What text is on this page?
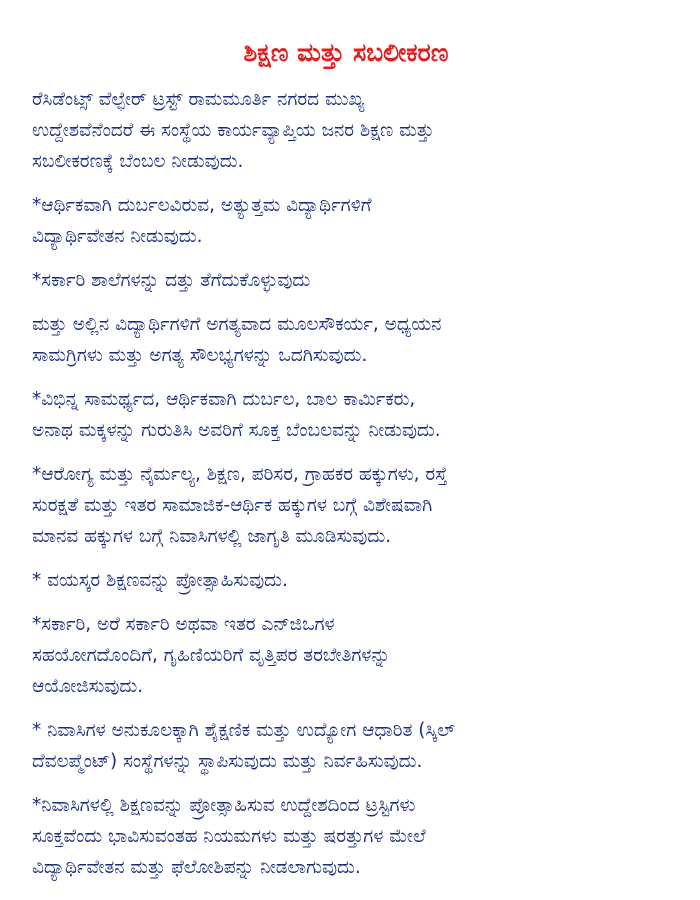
ಶಿಕ್ಷಣ ಮತ್ತು ಸಬಲೀಕರಣ

ರೆಸಿಡೆಂಟ್ಸ್ ವೆಲ್ಫೇರ್ ಟ್ರಸ್ಟ್ ರಾಮಮೂರ್ತಿ ನಗರದ ಮುಖ್ಯ
ಉದ್ದೇಶವೆನೆಂದರೆ ಈ ಸಂಸ್ಥೆಯ ಕಾರ್ಯವ್ಯಾಪ್ತಿಯ ಜನರ ಶಿಕ್ಷಣ ಮತ್ತು
ಸಬಲೀಕರಣಕ್ಕೆ ಬೆಂಬಲ ನೀಡುವುದು.

*ಆರ್ಥಿಕವಾಗಿ ದುರ್ಬಲವಿರುವ, ಅತ್ಯುತ್ತಮ ವಿದ್ಯಾರ್ಥಿಗಳಿಗೆ
ವಿದ್ಯಾರ್ಥಿವೇತನ ನೀಡುವುದು.

*ಸರ್ಕಾರಿ ಶಾಲೆಗಳನ್ನು ದತ್ತು ತೆಗೆದುಕೊಳ್ಳುವುದು

ಮತ್ತು ಅಲ್ಲಿನ ವಿದ್ಯಾರ್ಥಿಗಳಿಗೆ ಅಗತ್ಯವಾದ ಮೂಲಸೌಕರ್ಯ, ಅಧ್ಯಯನ
ಸಾಮಗ್ರಿಗಳು ಮತ್ತು ಅಗತ್ಯ ಸೌಲಭ್ಯಗಳನ್ನು ಒದಗಿಸುವುದು.

*ವಿಭಿನ್ನ ಸಾಮರ್ಥ್ಯದ, ಆರ್ಥಿಕವಾಗಿ ದುರ್ಬಲ, ಬಾಲ ಕಾರ್ಮಿಕರು,
ಅನಾಥ ಮಕ್ಕಳನ್ನು ಗುರುತಿಸಿ ಅವರಿಗೆ ಸೂಕ್ತ ಬೆಂಬಲವನ್ನು ನೀಡುವುದು.

*ಆರೋಗ್ಯ ಮತ್ತು ನೈರ್ಮಲ್ಯ, ಶಿಕ್ಷಣ, ಪರಿಸರ, ಗ್ರಾಹಕರ ಹಕ್ಕುಗಳು, ರಸ್ತೆ
ಸುರಕ್ಷತೆ ಮತ್ತು ಇತರ ಸಾಮಾಜಿಕ-ಆರ್ಥಿಕ ಹಕ್ಕುಗಳ ಬಗ್ಗೆ ವಿಶೇಷವಾಗಿ
ಮಾನವ ಹಕ್ಕುಗಳ ಬಗ್ಗೆ ನಿವಾಸಿಗಳಲ್ಲಿ ಜಾಗೃತಿ ಮೂಡಿಸುವುದು.

* ವಯಸ್ಕರ ಶಿಕ್ಷಣವನ್ನು ಪ್ರೋತ್ಸಾಹಿಸುವುದು.

*ಸರ್ಕಾರಿ, ಅರೆ ಸರ್ಕಾರಿ ಅಥವಾ ಇತರ ಎನ್‌ಜಿಒಗಳ
ಸಹಯೋಗದೊಂದಿಗೆ, ಗೃಹಿಣಿಯರಿಗೆ ವೃತ್ತಿಪರ ತರಬೇತಿಗಳನ್ನು
ಆಯೋಜಿಸುವುದು.

* ನಿವಾಸಿಗಳ ಅನುಕೂಲಕ್ಕಾಗಿ ಶೈಕ್ಷಣಿಕ ಮತ್ತು ಉದ್ಯೋಗ ಆಧಾರಿತ (ಸ್ಕಿಲ್
ದೆವಲಪ್ಮೆಂಟ್) ಸಂಸ್ಥೆಗಳನ್ನು ಸ್ಥಾಪಿಸುವುದು ಮತ್ತು ನಿರ್ವಹಿಸುವುದು.

*ನಿವಾಸಿಗಳಲ್ಲಿ ಶಿಕ್ಷಣವನ್ನು ಪ್ರೋತ್ಸಾಹಿಸುವ ಉದ್ದೇಶದಿಂದ ಟ್ರಸ್ಟಿಗಳು
ಸೂಕ್ತವೆಂದು ಭಾವಿಸುವಂತಹ ನಿಯಮಗಳು ಮತ್ತು ಷರತ್ತುಗಳ ಮೇಲೆ
ವಿದ್ಯಾರ್ಥಿವೇತನ ಮತ್ತು ಫೆಲೋಶಿಪನ್ನು ನೀಡಲಾಗುವುದು.
